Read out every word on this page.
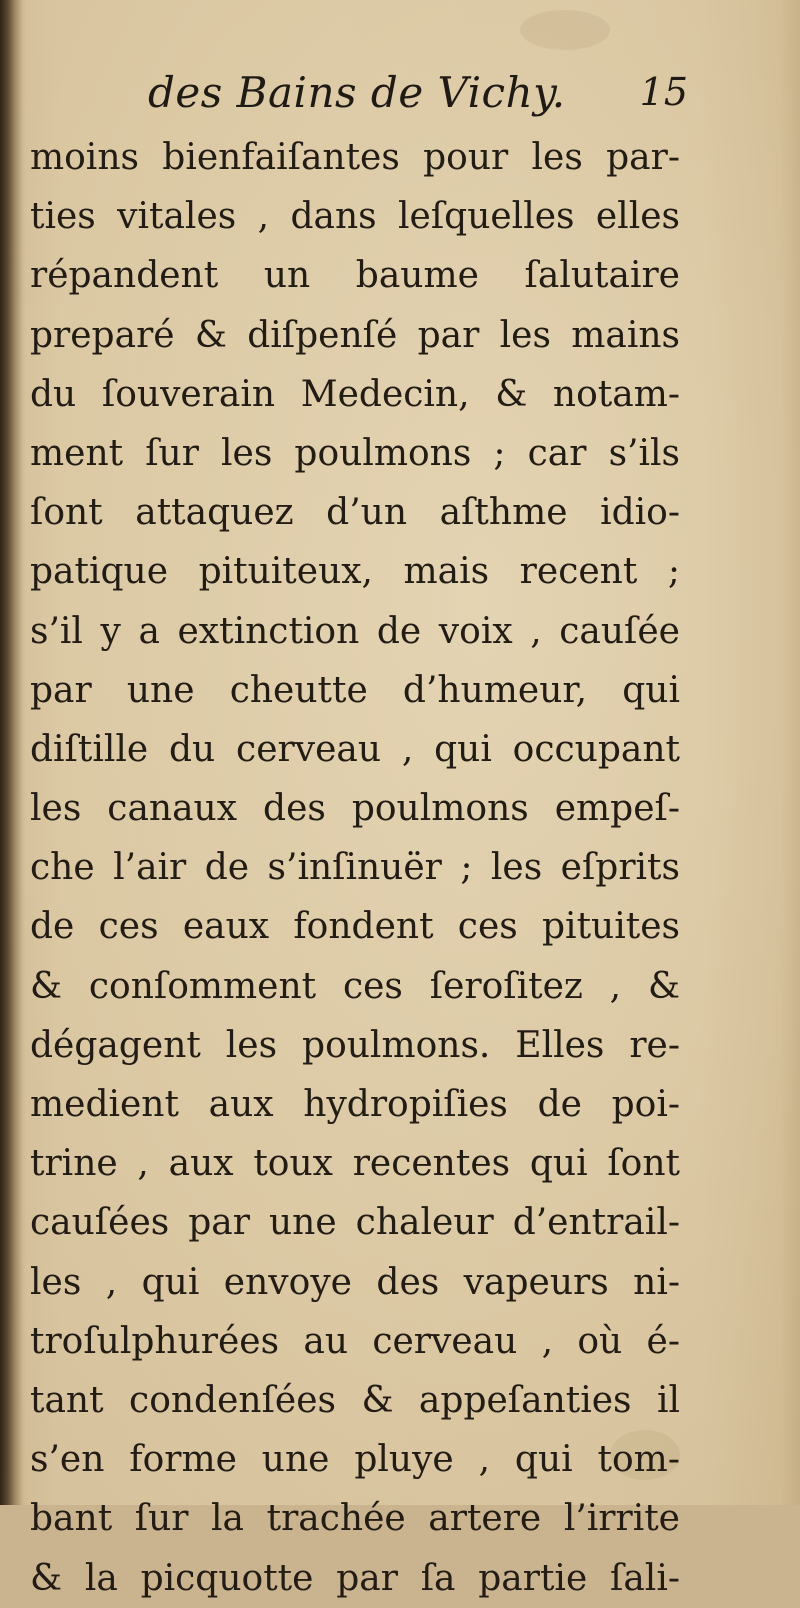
des Bains de Vichy. 15
moins bienfaiſantes pour les par-
ties vitales , dans leſquelles elles
répandent un baume ſalutaire
preparé & diſpenſé par les mains
du ſouverain Medecin, & notam-
ment ſur les poulmons ; car s’ils
ſont attaquez d’un aſthme idio-
patique pituiteux, mais recent ;
s’il y a extinction de voix , cauſée
par une cheutte d’humeur, qui
diſtille du cerveau , qui occupant
les canaux des poulmons empeſ-
che l’air de s’inſinuër ; les eſprits
de ces eaux fondent ces pituites
& conſomment ces ſeroſitez , &
dégagent les poulmons. Elles re-
medient aux hydropiſies de poi-
trine , aux toux recentes qui ſont
cauſées par une chaleur d’entrail-
les , qui envoye des vapeurs ni-
troſulphurées au cerveau , où é-
tant condenſées & appeſanties il
s’en forme une pluye , qui tom-
bant ſur la trachée artere l’irrite
& la picquotte par ſa partie ſali-
